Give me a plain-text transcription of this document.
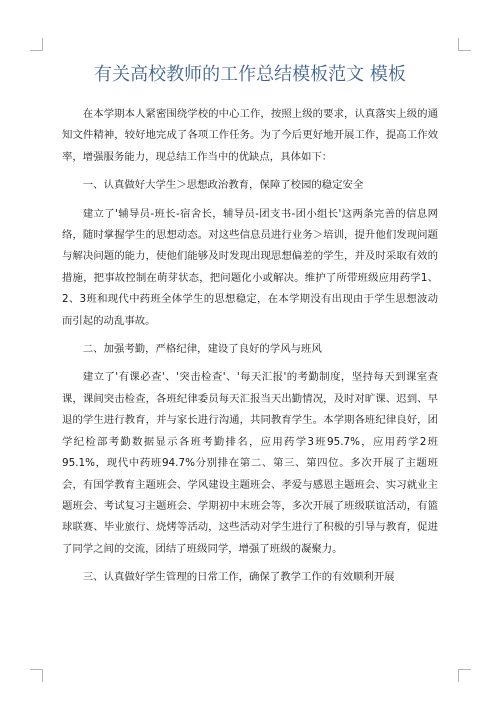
有关高校教师的工作总结模板范文 模板

在本学期本人紧密围绕学校的中心工作，按照上级的要求，认真落实上级的通知文件精神，较好地完成了各项工作任务。为了今后更好地开展工作，提高工作效率，增强服务能力，现总结工作当中的优缺点，具体如下：

一、认真做好大学生＞思想政治教育，保障了校园的稳定安全

建立了'辅导员-班长-宿舍长，辅导员-团支书-团小组长'这两条完善的信息网络，随时掌握学生的思想动态。对这些信息员进行业务＞培训，提升他们发现问题与解决问题的能力，使他们能够及时发现出现思想偏差的学生，并及时采取有效的措施，把事故控制在萌芽状态，把问题化小或解决。维护了所带班级应用药学1、2、3班和现代中药班全体学生的思想稳定，在本学期没有出现由于学生思想波动而引起的动乱事故。

二、加强考勤，严格纪律，建设了良好的学风与班风

建立了'有课必查'、'突击检查'、'每天汇报'的考勤制度，坚持每天到课室查课，课间突击检查，各班纪律委员每天汇报当天出勤情况，及时对旷课、迟到、早退的学生进行教育，并与家长进行沟通，共同教育学生。本学期各班纪律良好，团学纪检部考勤数据显示各班考勤排名，应用药学3班95.7%，应用药学2班95.1%，现代中药班94.7%分别排在第二、第三、第四位。多次开展了主题班会，有国学教育主题班会、学风建设主题班会、孝爱与感恩主题班会、实习就业主题班会、考试复习主题班会、学期初中末班会等，多次开展了班级联谊活动，有篮球联赛、毕业旅行、烧烤等活动，这些活动对学生进行了积极的引导与教育，促进了同学之间的交流，团结了班级同学，增强了班级的凝聚力。

三、认真做好学生管理的日常工作，确保了教学工作的有效顺利开展
